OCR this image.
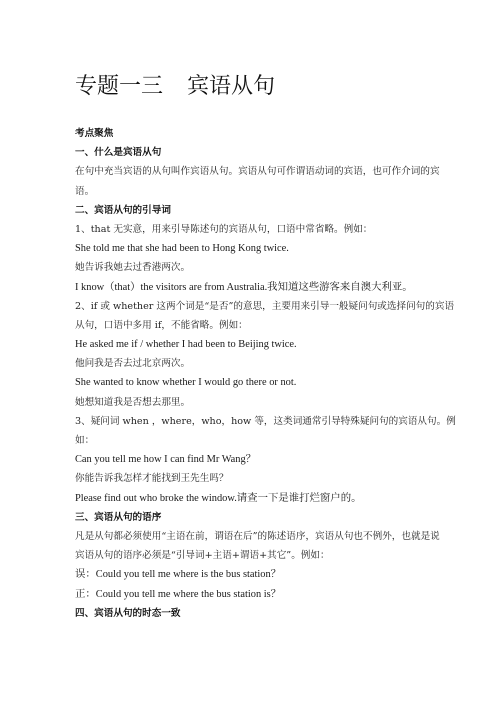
专题一三 宾语从句
考点聚焦
一、什么是宾语从句
在句中充当宾语的从句叫作宾语从句。宾语从句可作谓语动词的宾语，也可作介词的宾
语。
二、宾语从句的引导词
1、that 无实意，用来引导陈述句的宾语从句，口语中常省略。例如：
She told me that she had been to Hong Kong twice.
她告诉我她去过香港两次。
I know（that）the visitors are from Australia.我知道这些游客来自澳大利亚。
2、if 或 whether 这两个词是“是否”的意思，主要用来引导一般疑问句或选择问句的宾语
从句，口语中多用 if，不能省略。例如：
He asked me if / whether I had been to Beijing twice.
他问我是否去过北京两次。
She wanted to know whether I would go there or not.
她想知道我是否想去那里。
3、疑问词 when ，where，who，how 等，这类词通常引导特殊疑问句的宾语从句。例
如：
Can you tell me how I can find Mr Wang？
你能告诉我怎样才能找到王先生吗？
Please find out who broke the window.请查一下是谁打烂窗户的。
三、宾语从句的语序
凡是从句都必须使用“主语在前，谓语在后”的陈述语序，宾语从句也不例外，也就是说
宾语从句的语序必须是“引导词+主语+谓语+其它”。例如：
误：Could you tell me where is the bus station？
正：Could you tell me where the bus station is？
四、宾语从句的时态一致
